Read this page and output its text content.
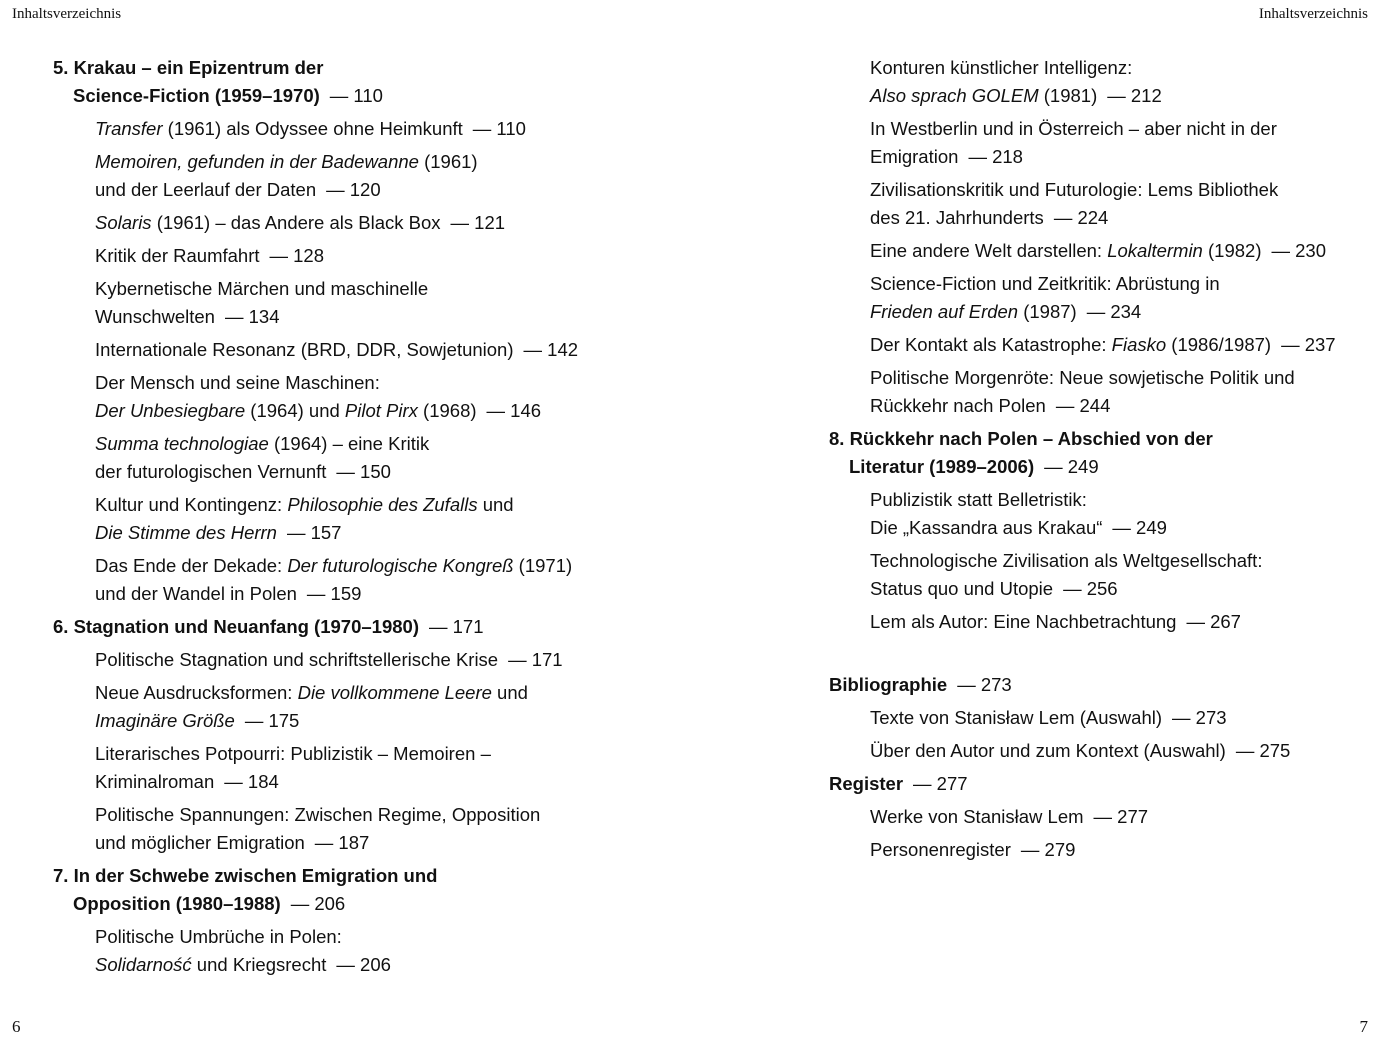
Inhaltsverzeichnis
5. Krakau – ein Epizentrum der
Science-Fiction (1959–1970) — 110
Transfer (1961) als Odyssee ohne Heimkunft — 110
Memoiren, gefunden in der Badewanne (1961)
und der Leerlauf der Daten — 120
Solaris (1961) – das Andere als Black Box — 121
Kritik der Raumfahrt — 128
Kybernetische Märchen und maschinelle
Wunschwelten — 134
Internationale Resonanz (BRD, DDR, Sowjetunion) — 142
Der Mensch und seine Maschinen:
Der Unbesiegbare (1964) und Pilot Pirx (1968) — 146
Summa technologiae (1964) – eine Kritik
der futurologischen Vernunft — 150
Kultur und Kontingenz: Philosophie des Zufalls und
Die Stimme des Herrn — 157
Das Ende der Dekade: Der futurologische Kongreß (1971)
und der Wandel in Polen — 159
6. Stagnation und Neuanfang (1970–1980) — 171
Politische Stagnation und schriftstellerische Krise — 171
Neue Ausdrucksformen: Die vollkommene Leere und
Imaginäre Größe — 175
Literarisches Potpourri: Publizistik – Memoiren –
Kriminalroman — 184
Politische Spannungen: Zwischen Regime, Opposition
und möglicher Emigration — 187
7. In der Schwebe zwischen Emigration und
Opposition (1980–1988) — 206
Politische Umbrüche in Polen:
Solidarność und Kriegsrecht — 206
6
Inhaltsverzeichnis
Konturen künstlicher Intelligenz:
Also sprach GOLEM (1981) — 212
In Westberlin und in Österreich – aber nicht in der
Emigration — 218
Zivilisationskritik und Futurologie: Lems Bibliothek
des 21. Jahrhunderts — 224
Eine andere Welt darstellen: Lokaltermin (1982) — 230
Science-Fiction und Zeitkritik: Abrüstung in
Frieden auf Erden (1987) — 234
Der Kontakt als Katastrophe: Fiasko (1986/1987) — 237
Politische Morgenröte: Neue sowjetische Politik und
Rückkehr nach Polen — 244
8. Rückkehr nach Polen – Abschied von der
Literatur (1989–2006) — 249
Publizistik statt Belletristik:
Die „Kassandra aus Krakau“ — 249
Technologische Zivilisation als Weltgesellschaft:
Status quo und Utopie — 256
Lem als Autor: Eine Nachbetrachtung — 267
Bibliographie — 273
Texte von Stanisław Lem (Auswahl) — 273
Über den Autor und zum Kontext (Auswahl) — 275
Register — 277
Werke von Stanisław Lem — 277
Personenregister — 279
7
